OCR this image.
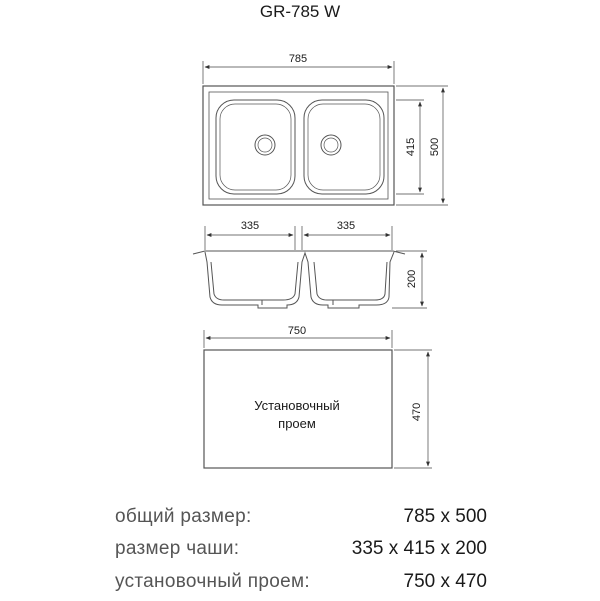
GR-785 W
785
415 500
335	335
200
750
470
Установочный
проем
общий размер:	785 x 500
размер чаши:	335 x 415 x 200
установочный проем:	750 x 470
